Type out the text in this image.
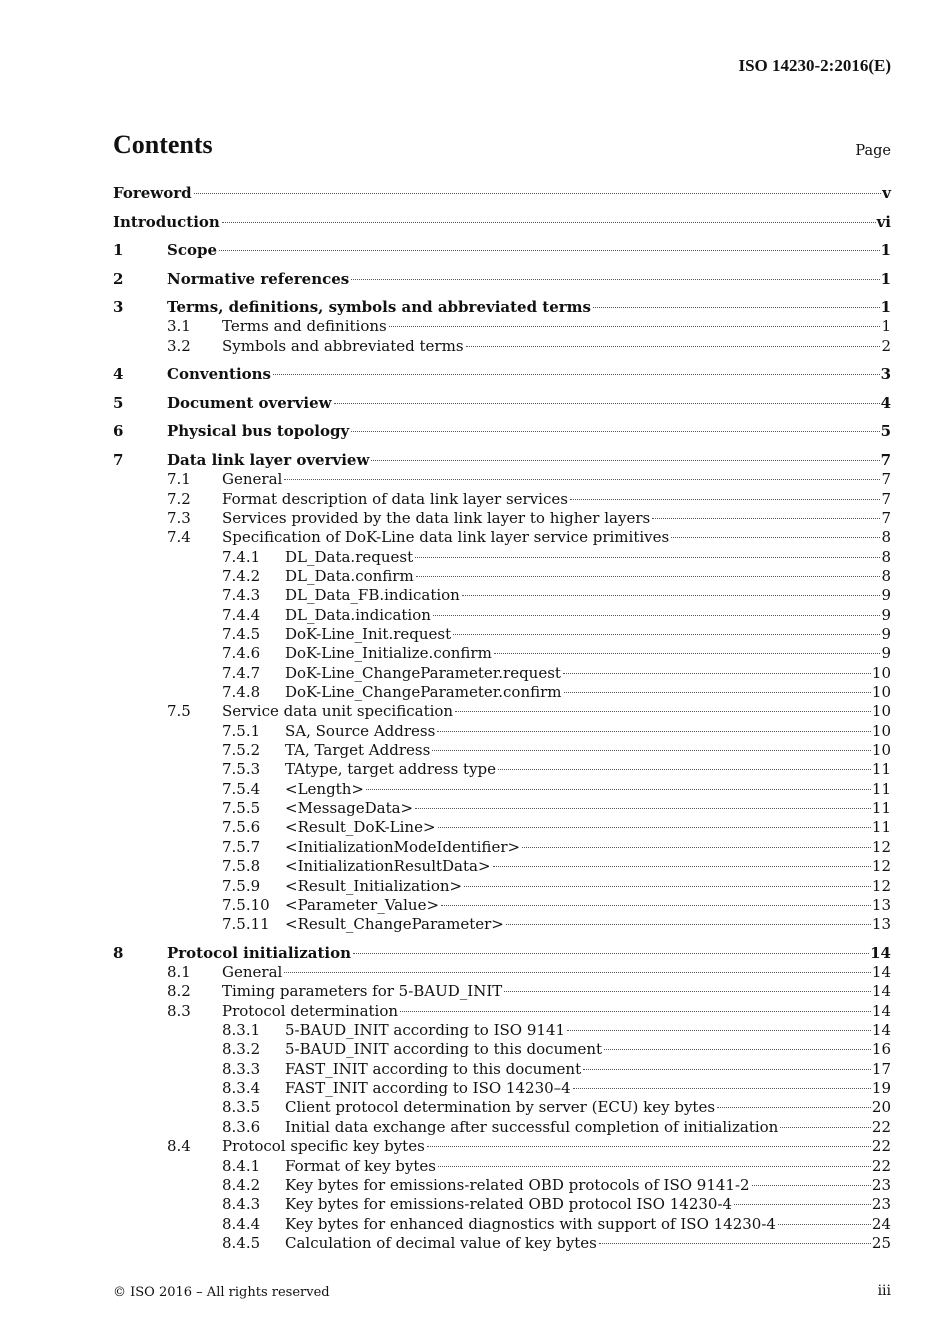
ISO 14230-2:2016(E)
Contents	Page
Foreword	v
Introduction	vi
1	Scope	1
2	Normative references	1
3	Terms, definitions, symbols and abbreviated terms	1
3.1	Terms and definitions	1
3.2	Symbols and abbreviated terms	2
4	Conventions	3
5	Document overview	4
6	Physical bus topology	5
7	Data link layer overview	7
7.1	General	7
7.2	Format description of data link layer services	7
7.3	Services provided by the data link layer to higher layers	7
7.4	Specification of DoK-Line data link layer service primitives	8
7.4.1	DL_Data.request	8
7.4.2	DL_Data.confirm	8
7.4.3	DL_Data_FB.indication	9
7.4.4	DL_Data.indication	9
7.4.5	DoK-Line_Init.request	9
7.4.6	DoK-Line_Initialize.confirm	9
7.4.7	DoK-Line_ChangeParameter.request	10
7.4.8	DoK-Line_ChangeParameter.confirm	10
7.5	Service data unit specification	10
7.5.1	SA, Source Address	10
7.5.2	TA, Target Address	10
7.5.3	TAtype, target address type	11
7.5.4	<Length>	11
7.5.5	<MessageData>	11
7.5.6	<Result_DoK-Line>	11
7.5.7	<InitializationModeIdentifier>	12
7.5.8	<InitializationResultData>	12
7.5.9	<Result_Initialization>	12
7.5.10	<Parameter_Value>	13
7.5.11	<Result_ChangeParameter>	13
8	Protocol initialization	14
8.1	General	14
8.2	Timing parameters for 5-BAUD_INIT	14
8.3	Protocol determination	14
8.3.1	5-BAUD_INIT according to ISO 9141	14
8.3.2	5-BAUD_INIT according to this document	16
8.3.3	FAST_INIT according to this document	17
8.3.4	FAST_INIT according to ISO 14230–4	19
8.3.5	Client protocol determination by server (ECU) key bytes	20
8.3.6	Initial data exchange after successful completion of initialization	22
8.4	Protocol specific key bytes	22
8.4.1	Format of key bytes	22
8.4.2	Key bytes for emissions-related OBD protocols of ISO 9141-2	23
8.4.3	Key bytes for emissions-related OBD protocol ISO 14230-4	23
8.4.4	Key bytes for enhanced diagnostics with support of ISO 14230-4	24
8.4.5	Calculation of decimal value of key bytes	25
© ISO 2016 – All rights reserved	iii
